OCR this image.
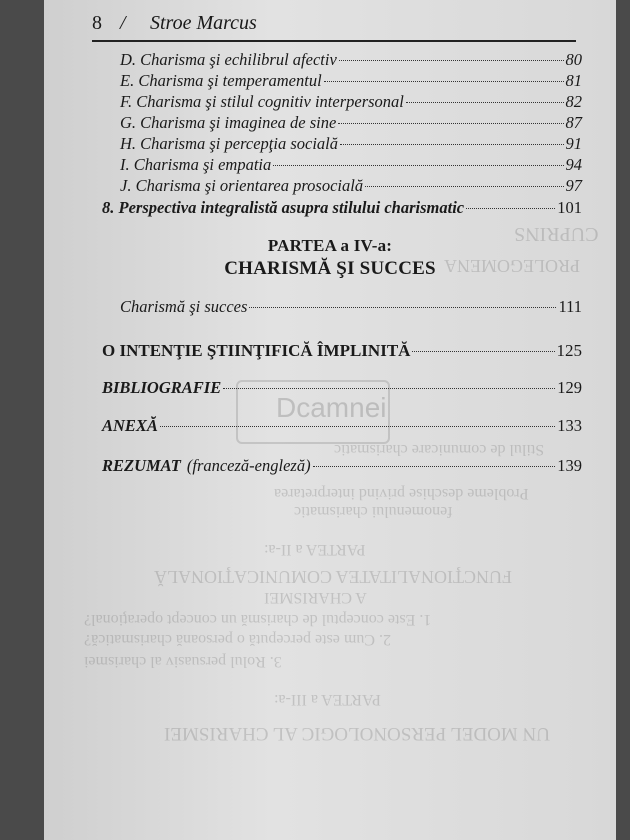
UN MODEL PERSONOLOGIC AL CHARISMEI
PARTEA a III-a:
3. Rolul persuasiv al charismei
2. Cum este percepută o persoană charismatică?
1. Este conceptul de charismă un concept operaţional?
A CHARISMEI
FUNCŢIONALITATEA COMUNICAŢIONALĂ
PARTEA a II-a:
fenomenului charismatic
Probleme deschise privind interpretarea
Stilul de comunicare charismatic
CUPRINS
PROLEGOMENA
Dcamnei
8 / Stroe Marcus
D. Charisma şi echilibrul afectiv	80
E. Charisma şi temperamentul	81
F. Charisma şi stilul cognitiv interpersonal	82
G. Charisma şi imaginea de sine	87
H. Charisma şi percepţia socială	91
I. Charisma şi empatia	94
J. Charisma şi orientarea prosocială	97
8. Perspectiva integralistă asupra stilului charismatic	101
PARTEA a IV-a:
CHARISMĂ ŞI SUCCES
Charismă şi succes	111
O INTENŢIE ŞTIINŢIFICĂ ÎMPLINITĂ	125
BIBLIOGRAFIE	129
ANEXĂ	133
REZUMAT (franceză-engleză)	139
